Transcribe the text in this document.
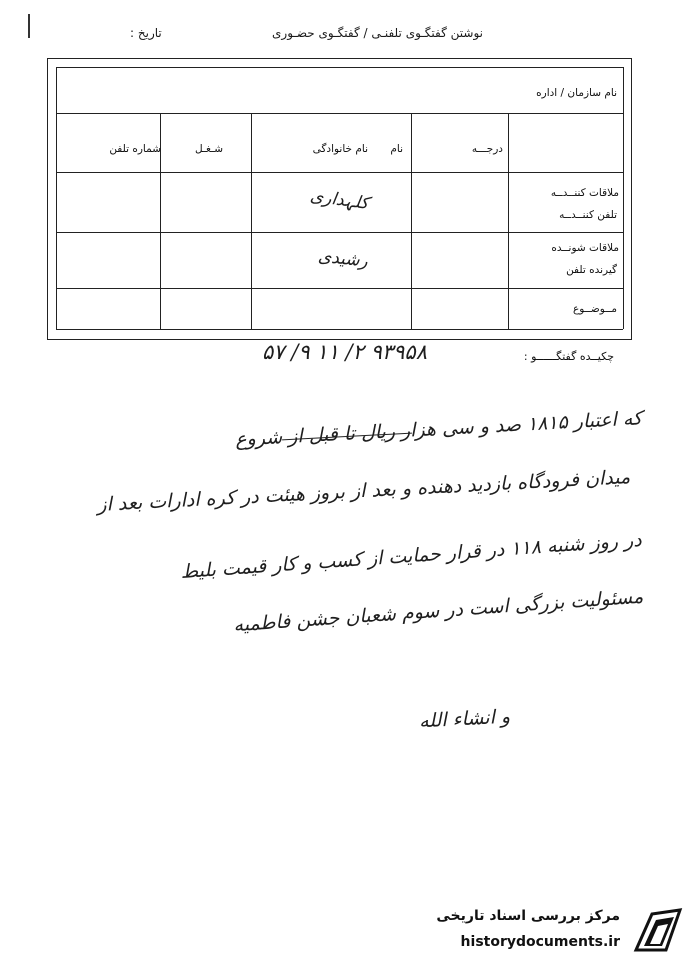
نوشتن گفتگـوی تلفنـی / گفتگـوی حضـوری
تاریخ :
نام سازمان / اداره
درجـــه
نام
نام خانوادگی
شـغـل
شماره تلفن
ملاقات کننــدــه
تلفن کننــدــه
ملاقات شونــده
گیرنده تلفن
مــوضــوع
کلہداری
رشیدی
چکیــده گفتگــــــو :
۹۳۹۵۸ ۲/ ۱۱ ۹/ ۵۷
که اعتبار ۱۸۱۵ صد و سی هزار ریال تا قبل از شروع
میدان فرودگاه بازدید دهنده و بعد از بروز هیئت در کره ادارات بعد از
در روز شنبه ۱۱۸ در قرار حمایت از کسب و کار قیمت بلیط
مسئولیت بزرگی است در سوم شعبان جشن فاطمیه
و انشاء الله
مرکز بررسی اسناد تاریخی
historydocuments.ir
